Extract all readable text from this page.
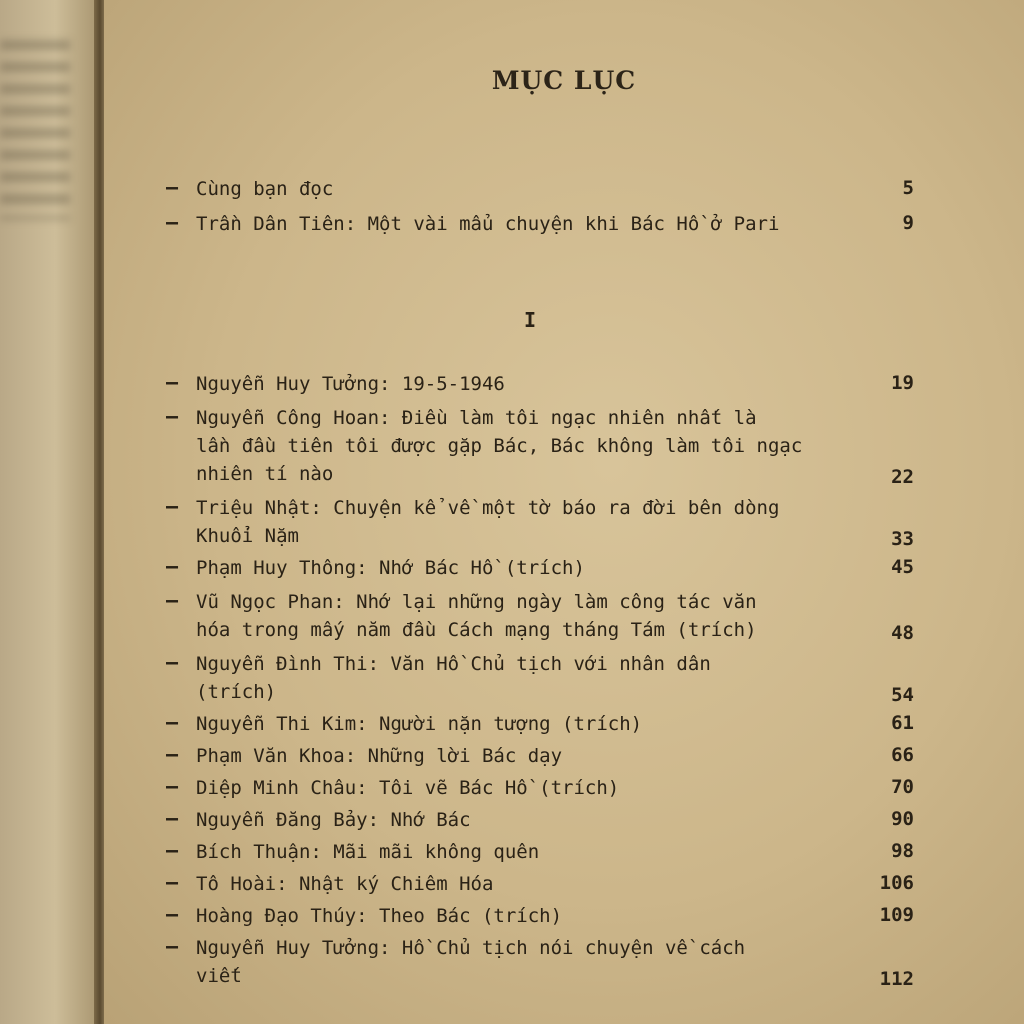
MỤC LỤC
I
— Cùng bạn đọc	5
— Trần Dân Tiên: Một vài mẩu chuyện khi Bác Hồ ở Pari	9
— Nguyễn Huy Tưởng: 19-5-1946	19
— Nguyễn Công Hoan: Điều làm tôi ngạc nhiên nhất là
lần đầu tiên tôi được gặp Bác, Bác không làm tôi ngạc
nhiên tí nào	22
— Triệu Nhật: Chuyện kể về một tờ báo ra đời bên dòng
Khuổi Nặm	33
— Phạm Huy Thông: Nhớ Bác Hồ (trích)	45
— Vũ Ngọc Phan: Nhớ lại những ngày làm công tác văn
hóa trong mấy năm đầu Cách mạng tháng Tám (trích)	48
— Nguyễn Đình Thi: Văn Hồ Chủ tịch với nhân dân
(trích)	54
— Nguyễn Thi Kim: Người nặn tượng (trích)	61
— Phạm Văn Khoa: Những lời Bác dạy	66
— Diệp Minh Châu: Tôi vẽ Bác Hồ (trích)	70
— Nguyễn Đăng Bảy: Nhớ Bác	90
— Bích Thuận: Mãi mãi không quên	98
— Tô Hoài: Nhật ký Chiêm Hóa	106
— Hoàng Đạo Thúy: Theo Bác (trích)	109
— Nguyễn Huy Tưởng: Hồ Chủ tịch nói chuyện về cách
viết	112
